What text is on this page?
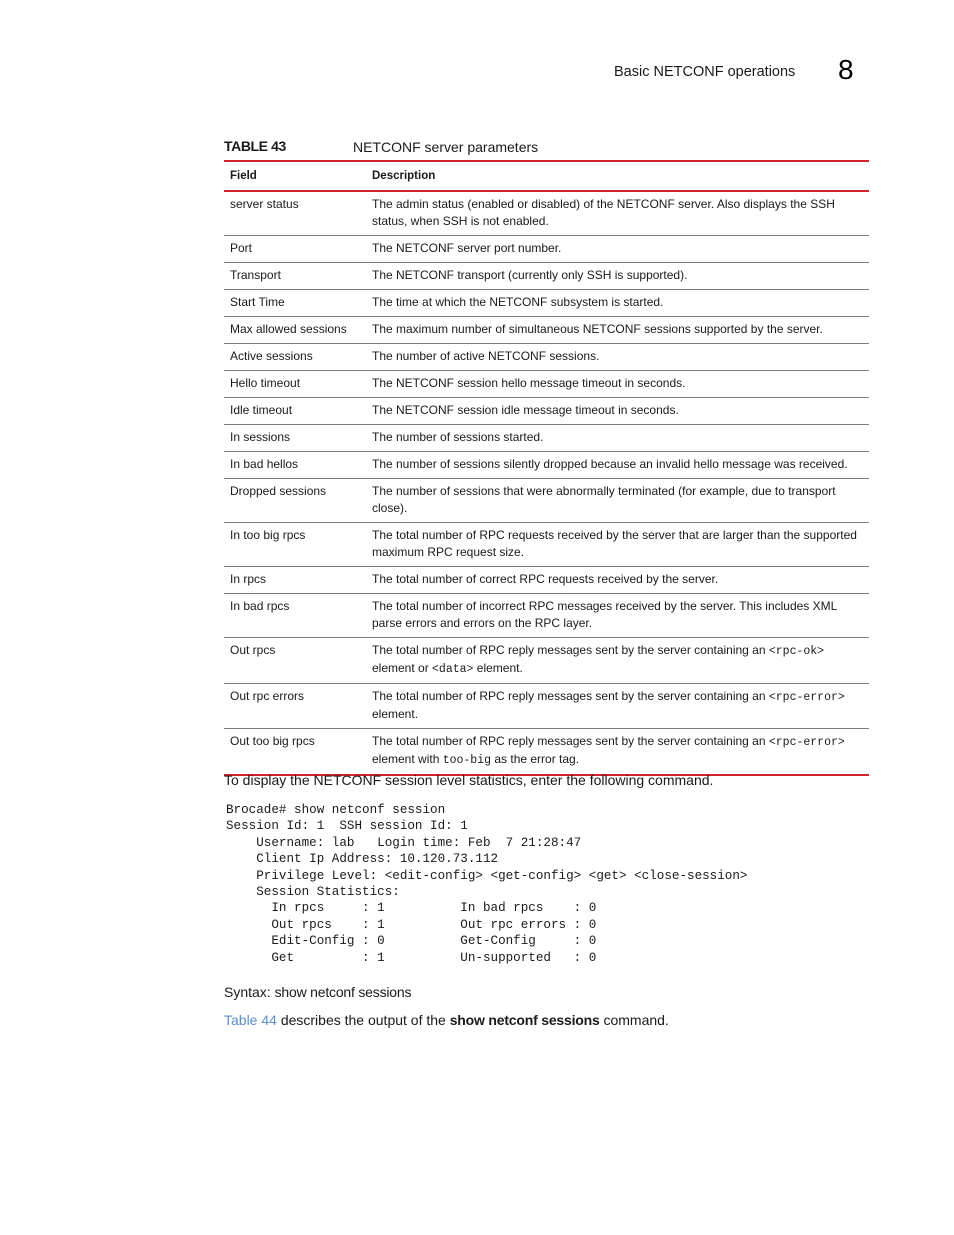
Basic NETCONF operations 8
TABLE 43	NETCONF server parameters
Field	Description
server status	The admin status (enabled or disabled) of the NETCONF server. Also displays the SSH status, when SSH is not enabled.
Port	The NETCONF server port number.
Transport	The NETCONF transport (currently only SSH is supported).
Start Time	The time at which the NETCONF subsystem is started.
Max allowed sessions	The maximum number of simultaneous NETCONF sessions supported by the server.
Active sessions	The number of active NETCONF sessions.
Hello timeout	The NETCONF session hello message timeout in seconds.
Idle timeout	The NETCONF session idle message timeout in seconds.
In sessions	The number of sessions started.
In bad hellos	The number of sessions silently dropped because an invalid hello message was received.
Dropped sessions	The number of sessions that were abnormally terminated (for example, due to transport close).
In too big rpcs	The total number of RPC requests received by the server that are larger than the supported maximum RPC request size.
In rpcs	The total number of correct RPC requests received by the server.
In bad rpcs	The total number of incorrect RPC messages received by the server. This includes XML parse errors and errors on the RPC layer.
Out rpcs	The total number of RPC reply messages sent by the server containing an <rpc-ok> element or <data> element.
Out rpc errors	The total number of RPC reply messages sent by the server containing an <rpc-error> element.
Out too big rpcs	The total number of RPC reply messages sent by the server containing an <rpc-error> element with too-big as the error tag.
To display the NETCONF session level statistics, enter the following command.
Brocade# show netconf session
Session Id: 1  SSH session Id: 1
Username: lab   Login time: Feb  7 21:28:47
Client Ip Address: 10.120.73.112
Privilege Level: <edit-config> <get-config> <get> <close-session>
Session Statistics:
In rpcs     : 1          In bad rpcs    : 0
Out rpcs    : 1          Out rpc errors : 0
Edit-Config : 0          Get-Config     : 0
Get         : 1          Un-supported   : 0
Syntax: show netconf sessions
Table 44 describes the output of the show netconf sessions command.
